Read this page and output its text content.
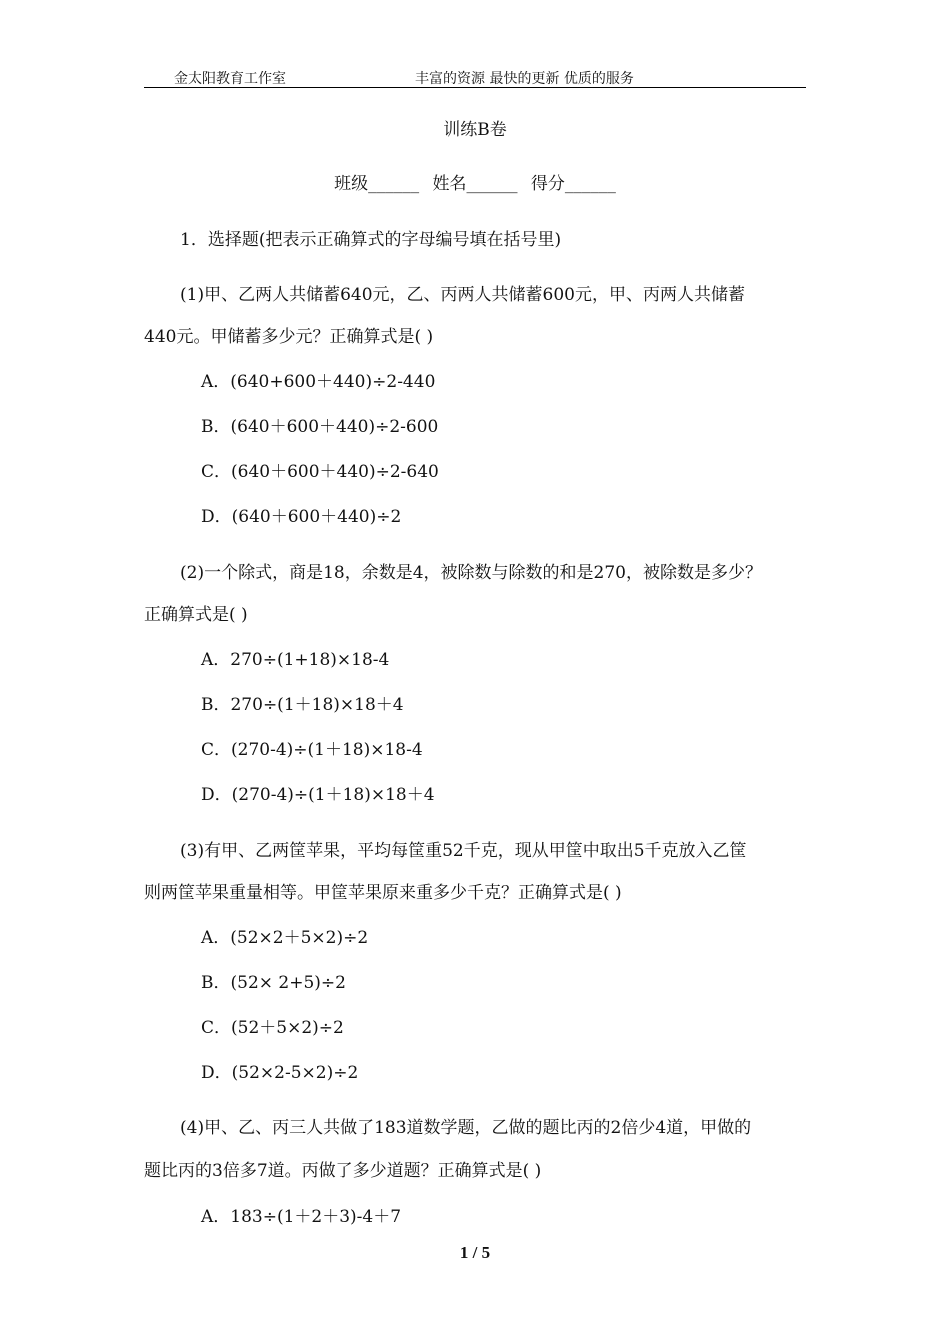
金太阳教育工作室	丰富的资源 最快的更新 优质的服务
训练B卷
班级______ 姓名______ 得分______
1．选择题(把表示正确算式的字母编号填在括号里)
(1)甲、乙两人共储蓄640元，乙、丙两人共储蓄600元，甲、丙两人共储蓄
440元。甲储蓄多少元？正确算式是( )
A．(640+600＋440)÷2-440
B．(640＋600＋440)÷2-600
C．(640＋600＋440)÷2-640
D．(640＋600＋440)÷2
(2)一个除式，商是18，余数是4，被除数与除数的和是270，被除数是多少？
正确算式是( )
A．270÷(1+18)×18-4
B．270÷(1＋18)×18＋4
C．(270-4)÷(1＋18)×18-4
D．(270-4)÷(1＋18)×18＋4
(3)有甲、乙两筐苹果，平均每筐重52千克，现从甲筐中取出5千克放入乙筐
则两筐苹果重量相等。甲筐苹果原来重多少千克？正确算式是( )
A．(52×2＋5×2)÷2
B．(52× 2+5)÷2
C．(52＋5×2)÷2
D．(52×2-5×2)÷2
(4)甲、乙、丙三人共做了183道数学题，乙做的题比丙的2倍少4道，甲做的
题比丙的3倍多7道。丙做了多少道题？正确算式是( )
A．183÷(1＋2＋3)-4＋7
1 / 5
